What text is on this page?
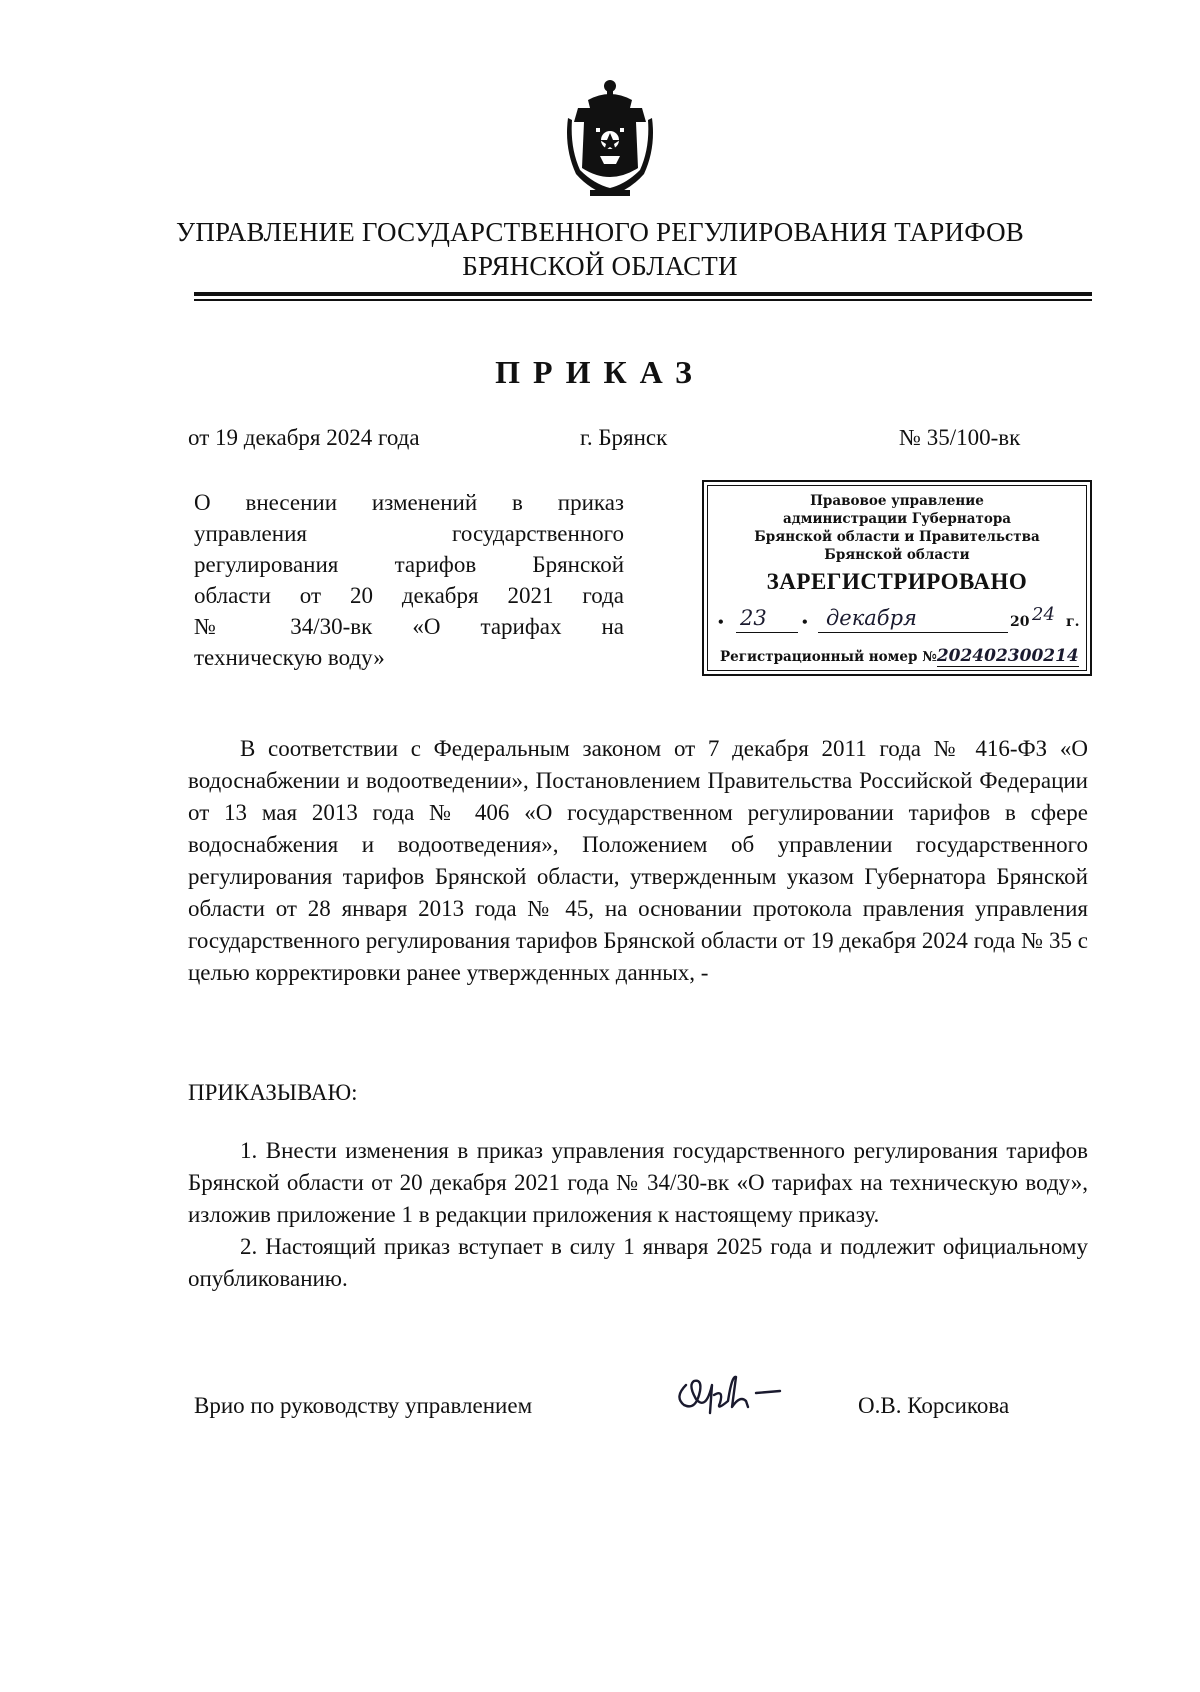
УПРАВЛЕНИЕ ГОСУДАРСТВЕННОГО РЕГУЛИРОВАНИЯ ТАРИФОВ
БРЯНСКОЙ ОБЛАСТИ
ПРИКАЗ
от 19 декабря 2024 года	г. Брянск	№ 35/100-вк

О внесении изменений в приказ

управления государственного

регулирования тарифов Брянской

области от 20 декабря 2021 года

№ 34/30-вк «О тарифах на

техническую воду»

Правовое управление
администрации Губернатора
Брянской области и Правительства
Брянской области
ЗАРЕГИСТРИРОВАНО
• 23 • декабря	20 24 г.
Регистрационный номер №202402300214

В соответствии с Федеральным законом от 7 декабря 2011 года № 416-ФЗ «О водоснабжении и водоотведении», Постановлением Правительства Российской Федерации от 13 мая 2013 года № 406 «О государственном регулировании тарифов в сфере водоснабжения и водоотведения», Положением об управлении государственного регулирования тарифов Брянской области, утвержденным указом Губернатора Брянской области от 28 января 2013 года № 45, на основании протокола правления управления государственного регулирования тарифов Брянской области от 19 декабря 2024 года № 35 с целью корректировки ранее утвержденных данных, -

ПРИКАЗЫВАЮ:

1. Внести изменения в приказ управления государственного регулирования тарифов Брянской области от 20 декабря 2021 года № 34/30-вк «О тарифах на техническую воду», изложив приложение 1 в редакции приложения к настоящему приказу.

2. Настоящий приказ вступает в силу 1 января 2025 года и подлежит официальному опубликованию.

Врио по руководству управлением	О.В. Корсикова
